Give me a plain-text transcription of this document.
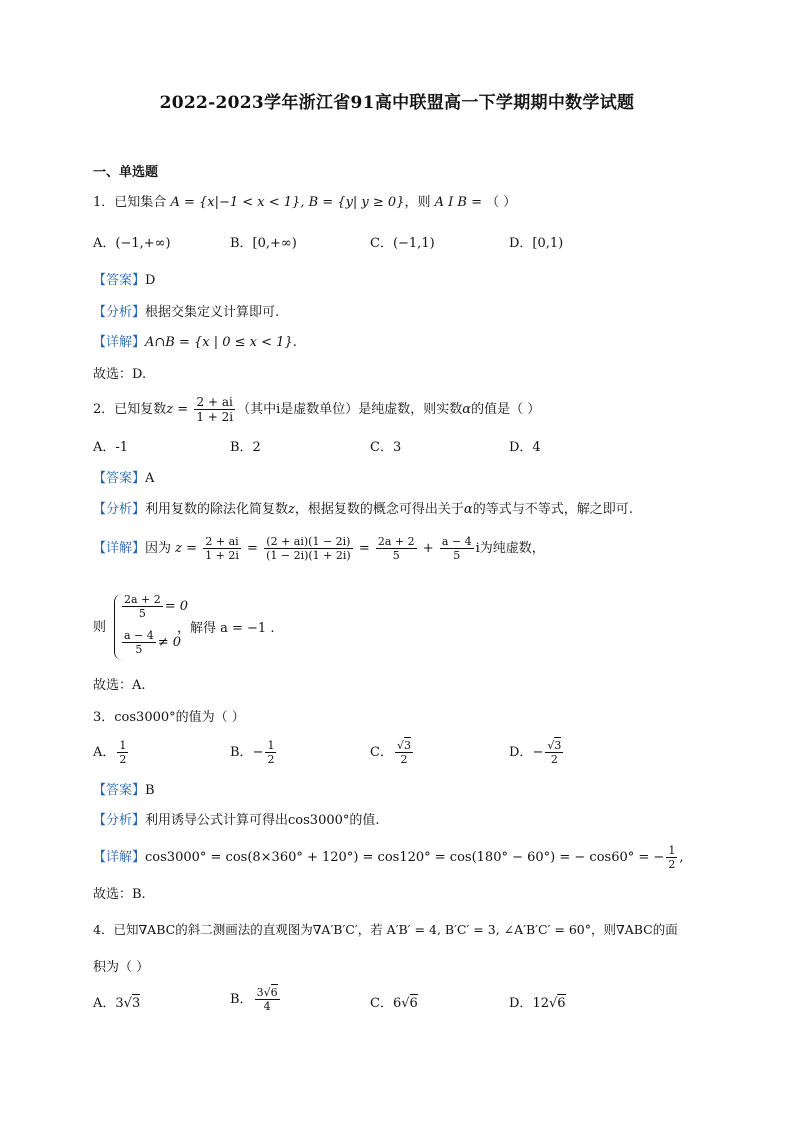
2022-2023学年浙江省91高中联盟高一下学期期中数学试题
一、单选题
1．已知集合 A = {x|−1 < x < 1}, B = {y| y ≥ 0}，则 A I B = （ ）
A．(−1,+∞)	B．[0,+∞)	C．(−1,1)	D．[0,1)
【答案】D
【分析】根据交集定义计算即可.
【详解】A∩B = {x | 0 ≤ x < 1}.
故选：D.
2．已知复数$z = \frac{2 + ai}{1 + 2i}$ （其中i是虚数单位）是纯虚数，则实数α的值是（ ）
A．-1	B．2	C．3	D．4
【答案】A
【分析】利用复数的除法化简复数z，根据复数的概念可得出关于α的等式与不等式，解之即可.
【详解】因为 $z = \frac{2 + ai}{1 + 2i} = \frac{(2 + ai)(1 - 2i)}{(1 - 2i)(1 + 2i)} = \frac{2a + 2}{5} + \frac{a - 4}{5}$ i为纯虚数，
则
$\frac{2a + 2}{5} = 0$
$\frac{a - 4}{5} \ne 0$
，解得 a = −1 .
故选：A.
3．cos3000°的值为（ ）
A． $\frac{1}{2}$	B．− $\frac{1}{2}$	C． $\frac{√3}{2}$	D．− $\frac{√3}{2}$
【答案】B
【分析】利用诱导公式计算可得出cos3000°的值.
【详解】cos3000° = cos(8×360° + 120°) = cos120° = cos(180° − 60°) = − cos60° = − $\frac{1}{2}$ ,
故选：B.
4．已知∇ABC的斜二测画法的直观图为∇A′B′C′，若 A′B′ = 4, B′C′ = 3, ∠A′B′C′ = 60°，则∇ABC的面
积为（ ）
A．3√3	B． $\frac{3√6}{4}$	C．6√6	D．12√6
